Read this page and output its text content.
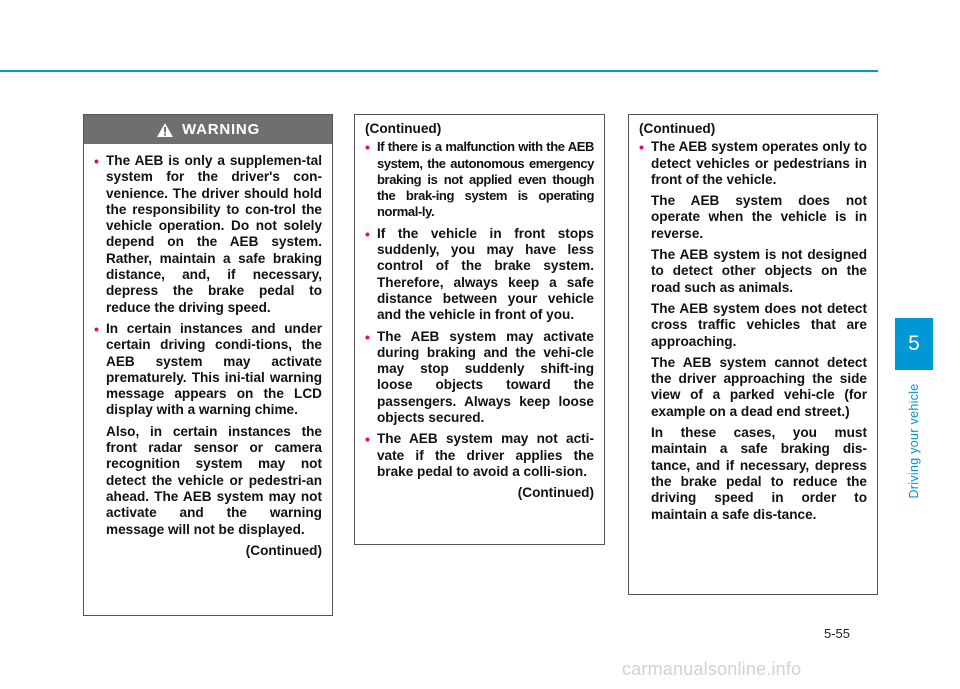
5
Driving your vehicle
WARNING
• The AEB is only a supplemen-tal system for the driver's con-venience. The driver should hold the responsibility to con-trol the vehicle operation. Do not solely depend on the AEB system. Rather, maintain a safe braking distance, and, if necessary, depress the brake pedal to reduce the driving speed.
• In certain instances and under certain driving condi-tions, the AEB system may activate prematurely. This ini-tial warning message appears on the LCD display with a warning chime.
Also, in certain instances the front radar sensor or camera recognition system may not detect the vehicle or pedestri-an ahead. The AEB system may not activate and the warning message will not be displayed.
(Continued)
(Continued)
• If there is a malfunction with the AEB system, the autonomous emergency braking is not applied even though the brak-ing system is operating normal-ly.
• If the vehicle in front stops suddenly, you may have less control of the brake system. Therefore, always keep a safe distance between your vehicle and the vehicle in front of you.
• The AEB system may activate during braking and the vehi-cle may stop suddenly shift-ing loose objects toward the passengers. Always keep loose objects secured.
• The AEB system may not acti-vate if the driver applies the brake pedal to avoid a colli-sion.
(Continued)
(Continued)
• The AEB system operates only to detect vehicles or pedestrians in front of the vehicle.
The AEB system does not operate when the vehicle is in reverse.
The AEB system is not designed to detect other objects on the road such as animals.
The AEB system does not detect cross traffic vehicles that are approaching.
The AEB system cannot detect the driver approaching the side view of a parked vehi-cle (for example on a dead end street.)
In these cases, you must maintain a safe braking dis-tance, and if necessary, depress the brake pedal to reduce the driving speed in order to maintain a safe dis-tance.
5-55
carmanualsonline.info
